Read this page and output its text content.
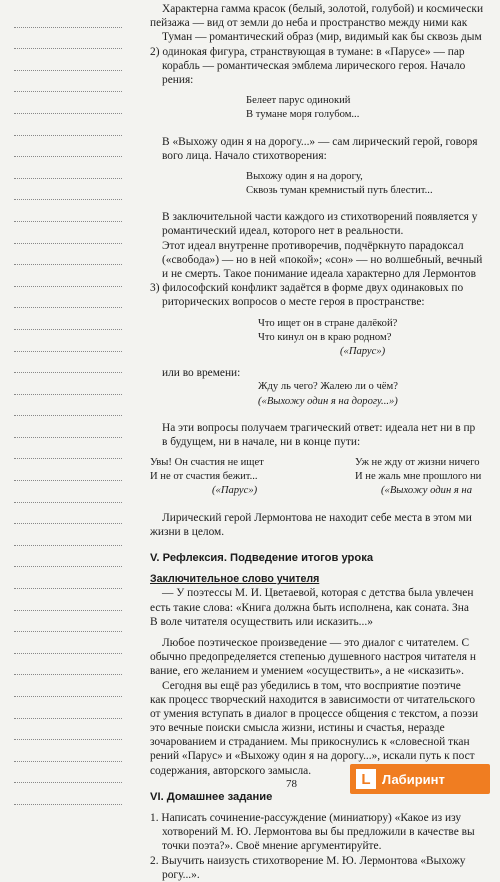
Характерна гамма красок (белый, золотой, голубой) и космически
пейзажа — вид от земли до неба и пространство между ними как
Туман — романтический образ (мир, видимый как бы сквозь дым
2) одинокая фигура, странствующая в тумане: в «Парусе» — пар
корабль — романтическая эмблема лирического героя. Начало
рения:
Белеет парус одинокий
В тумане моря голубом...
В «Выхожу один я на дорогу...» — сам лирический герой, говоря
вого лица. Начало стихотворения:
Выхожу один я на дорогу,
Сквозь туман кремнистый путь блестит...
В заключительной части каждого из стихотворений появляется у
романтический идеал, которого нет в реальности.
Этот идеал внутренне противоречив, подчёркнуто парадоксал
(«свобода») — но в ней «покой»; «сон» — но волшебный, вечный
и не смерть. Такое понимание идеала характерно для Лермонтов
3) философский конфликт задаётся в форме двух одинаковых по
риторических вопросов о месте героя в пространстве:
Что ищет он в стране далёкой?
Что кинул он в краю родном?
(«Парус»)
или во времени:
Жду ль чего? Жалею ли о чём?
(«Выхожу один я на дорогу...»)
На эти вопросы получаем трагический ответ: идеала нет ни в пр
в будущем, ни в начале, ни в конце пути:
Увы! Он счастия не ищет	Уж не жду от жизни ничего
И не от счастия бежит...	И не жаль мне прошлого ни
(«Парус»)	(«Выхожу один я на
Лирический герой Лермонтова не находит себе места в этом ми
жизни в целом.
V. Рефлексия. Подведение итогов урока
Заключительное слово учителя
— У поэтессы М. И. Цветаевой, которая с детства была увлечен
есть такие слова: «Книга должна быть исполнена, как соната. Зна
В воле читателя осуществить или исказить...»
Любое поэтическое произведение — это диалог с читателем. С
обычно предопределяется степенью душевного настроя читателя н
вание, его желанием и умением «осуществить», а не «исказить».
Сегодня вы ещё раз убедились в том, что восприятие поэтиче
как процесс творческий находится в зависимости от читательского
от умения вступать в диалог в процессе общения с текстом, а поэзи
это вечные поиски смысла жизни, истины и счастья, неразде
зочарованием и страданием. Мы прикоснулись к «словесной ткан
рений «Парус» и «Выхожу один я на дорогу...», искали путь к пост
содержания, авторского замысла.
VI. Домашнее задание
1. Написать сочинение-рассуждение (миниатюру) «Какое из изу
хотворений М. Ю. Лермонтова вы бы предложили в качестве вы
точки поэта?». Своё мнение аргументируйте.
2. Выучить наизусть стихотворение М. Ю. Лермонтова «Выхожу
рогу...».
78	L Лабиринт
